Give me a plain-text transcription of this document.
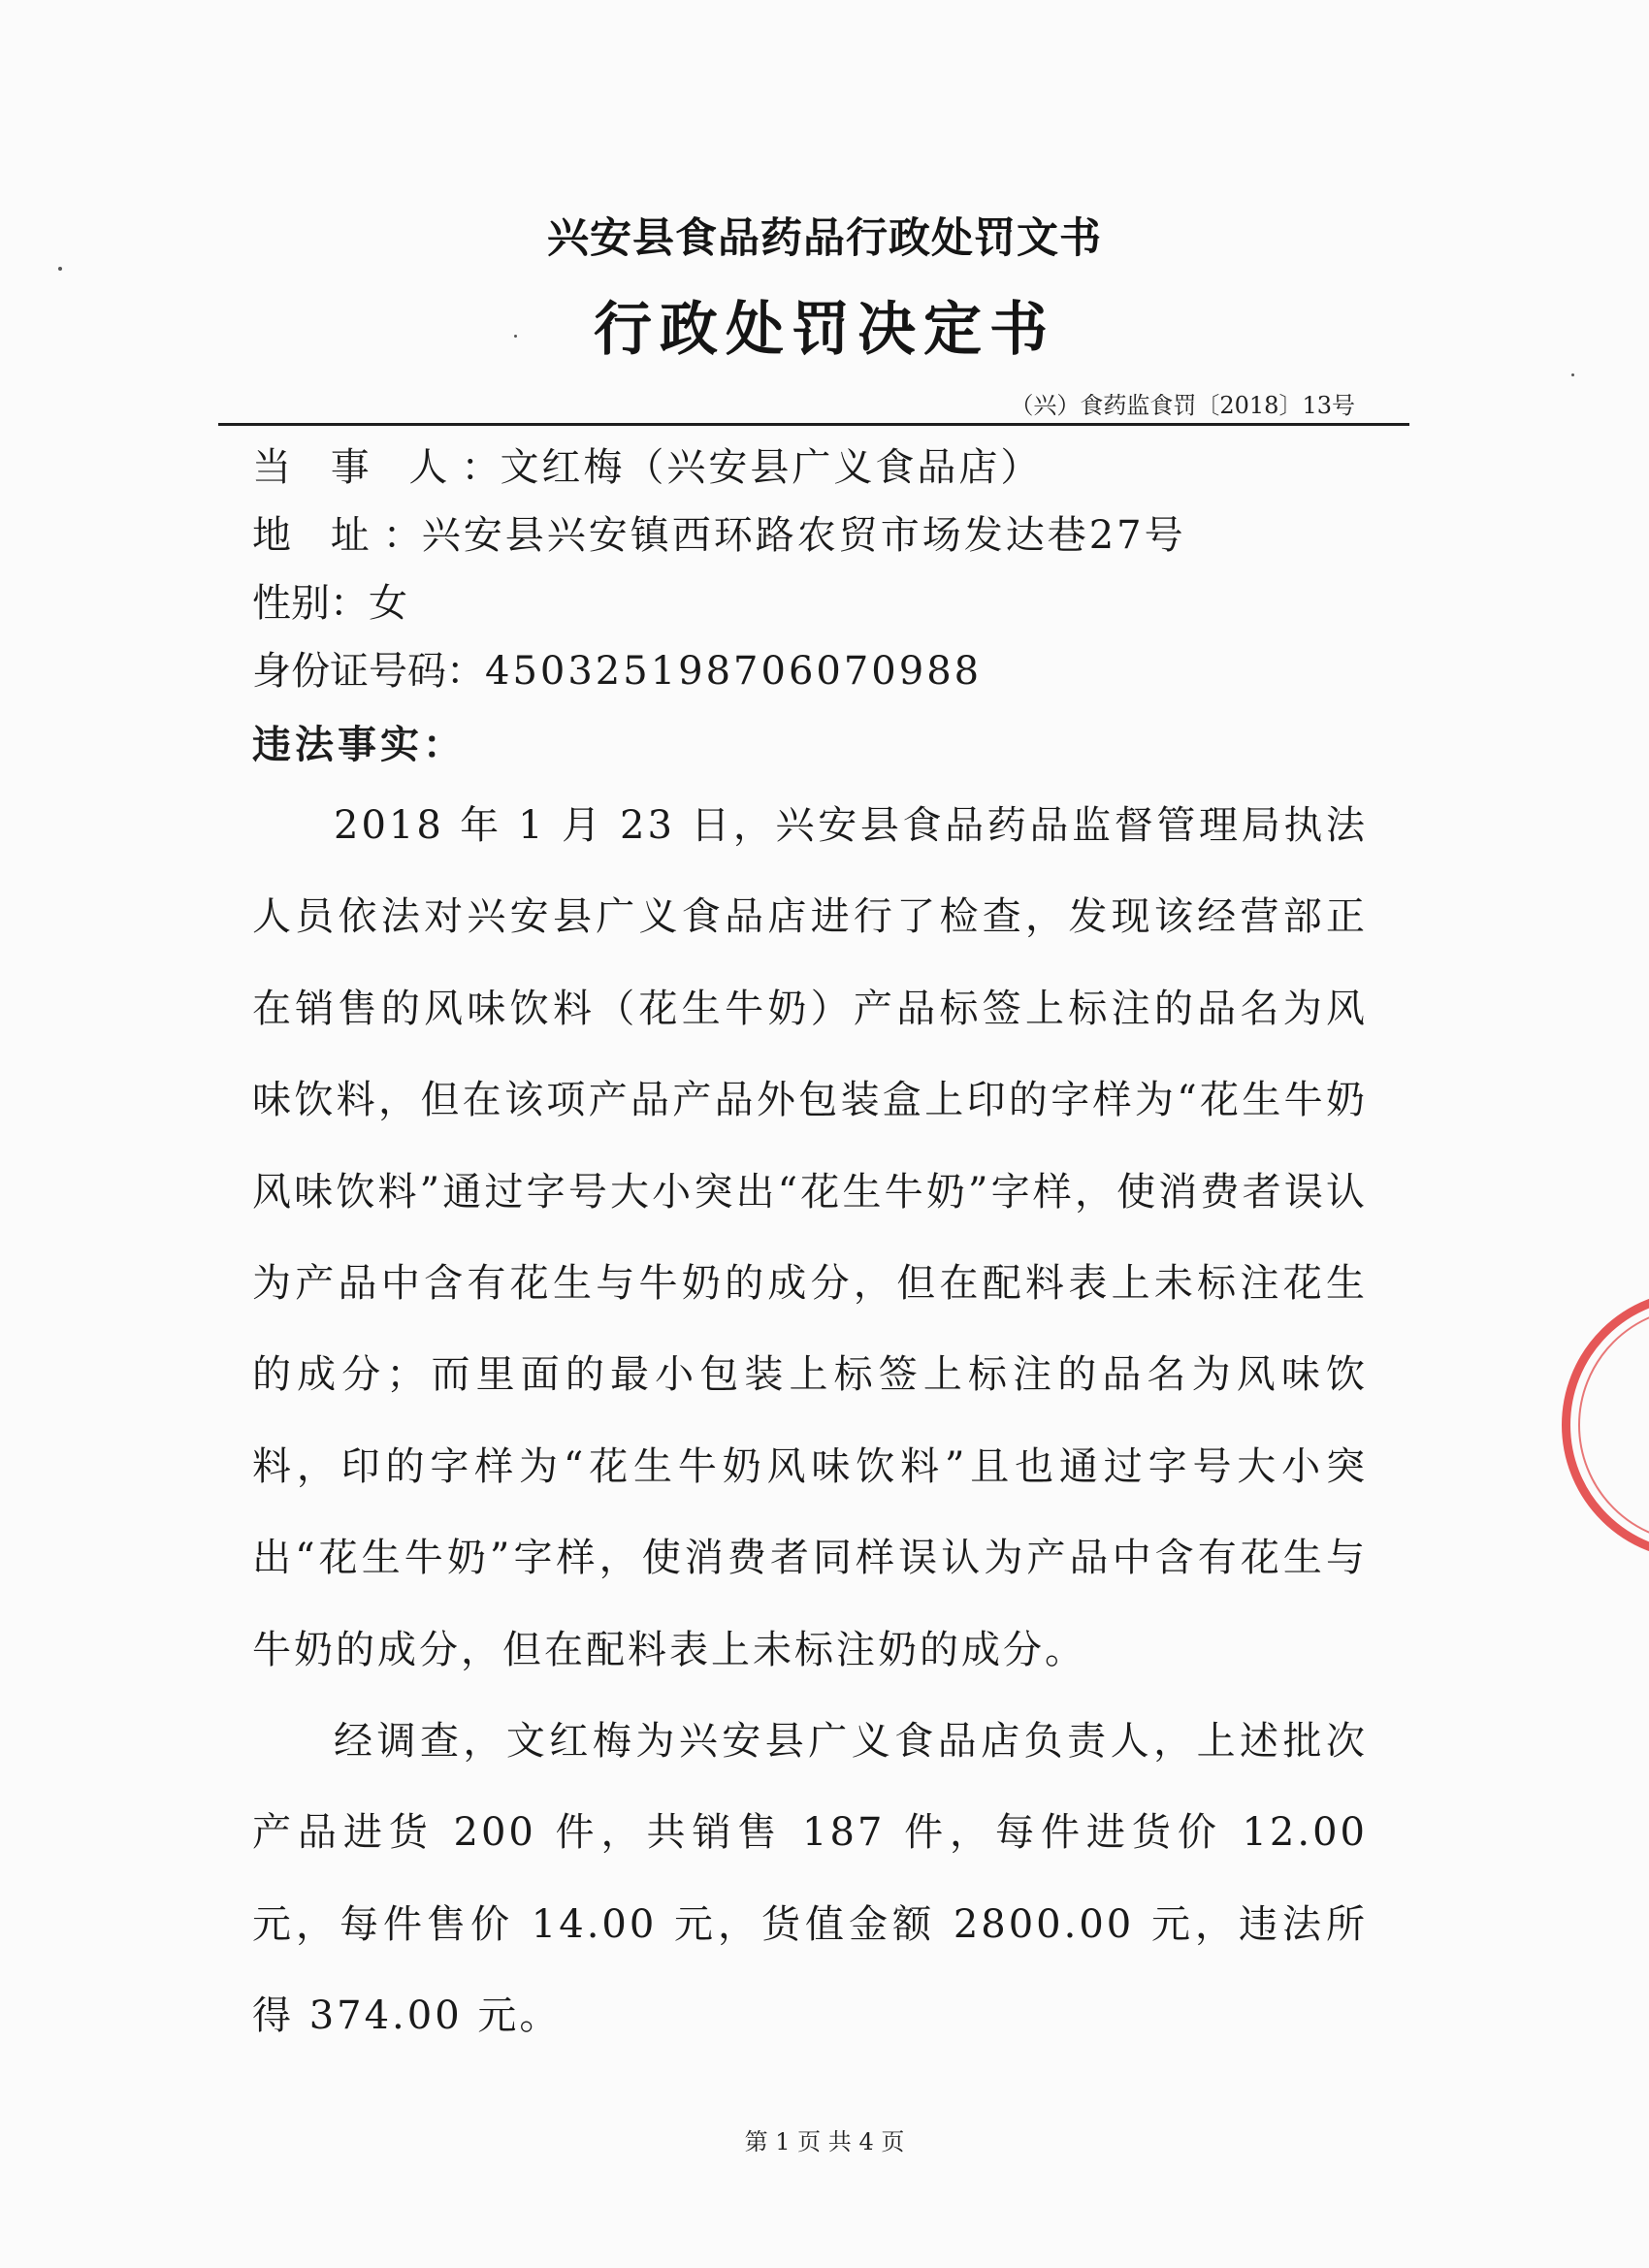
兴安县食品药品行政处罚文书
行政处罚决定书
（兴）食药监食罚〔2018〕13号
当 事 人：文红梅（兴安县广义食品店）
地 址：兴安县兴安镇西环路农贸市场发达巷27号
性别：女
身份证号码：450325198706070988
违法事实：

2018 年 1 月 23 日，兴安县食品药品监督管理局执法人员依法对兴安县广义食品店进行了检查，发现该经营部正在销售的风味饮料（花生牛奶）产品标签上标注的品名为风味饮料，但在该项产品产品外包装盒上印的字样为“花生牛奶风味饮料”通过字号大小突出“花生牛奶”字样，使消费者误认为产品中含有花生与牛奶的成分，但在配料表上未标注花生的成分；而里面的最小包装上标签上标注的品名为风味饮料，印的字样为“花生牛奶风味饮料”且也通过字号大小突出“花生牛奶”字样，使消费者同样误认为产品中含有花生与牛奶的成分，但在配料表上未标注奶的成分。

经调查，文红梅为兴安县广义食品店负责人，上述批次产品进货 200 件，共销售 187 件，每件进货价 12.00 元，每件售价 14.00 元，货值金额 2800.00 元，违法所得 374.00 元。

第 1 页 共 4 页
